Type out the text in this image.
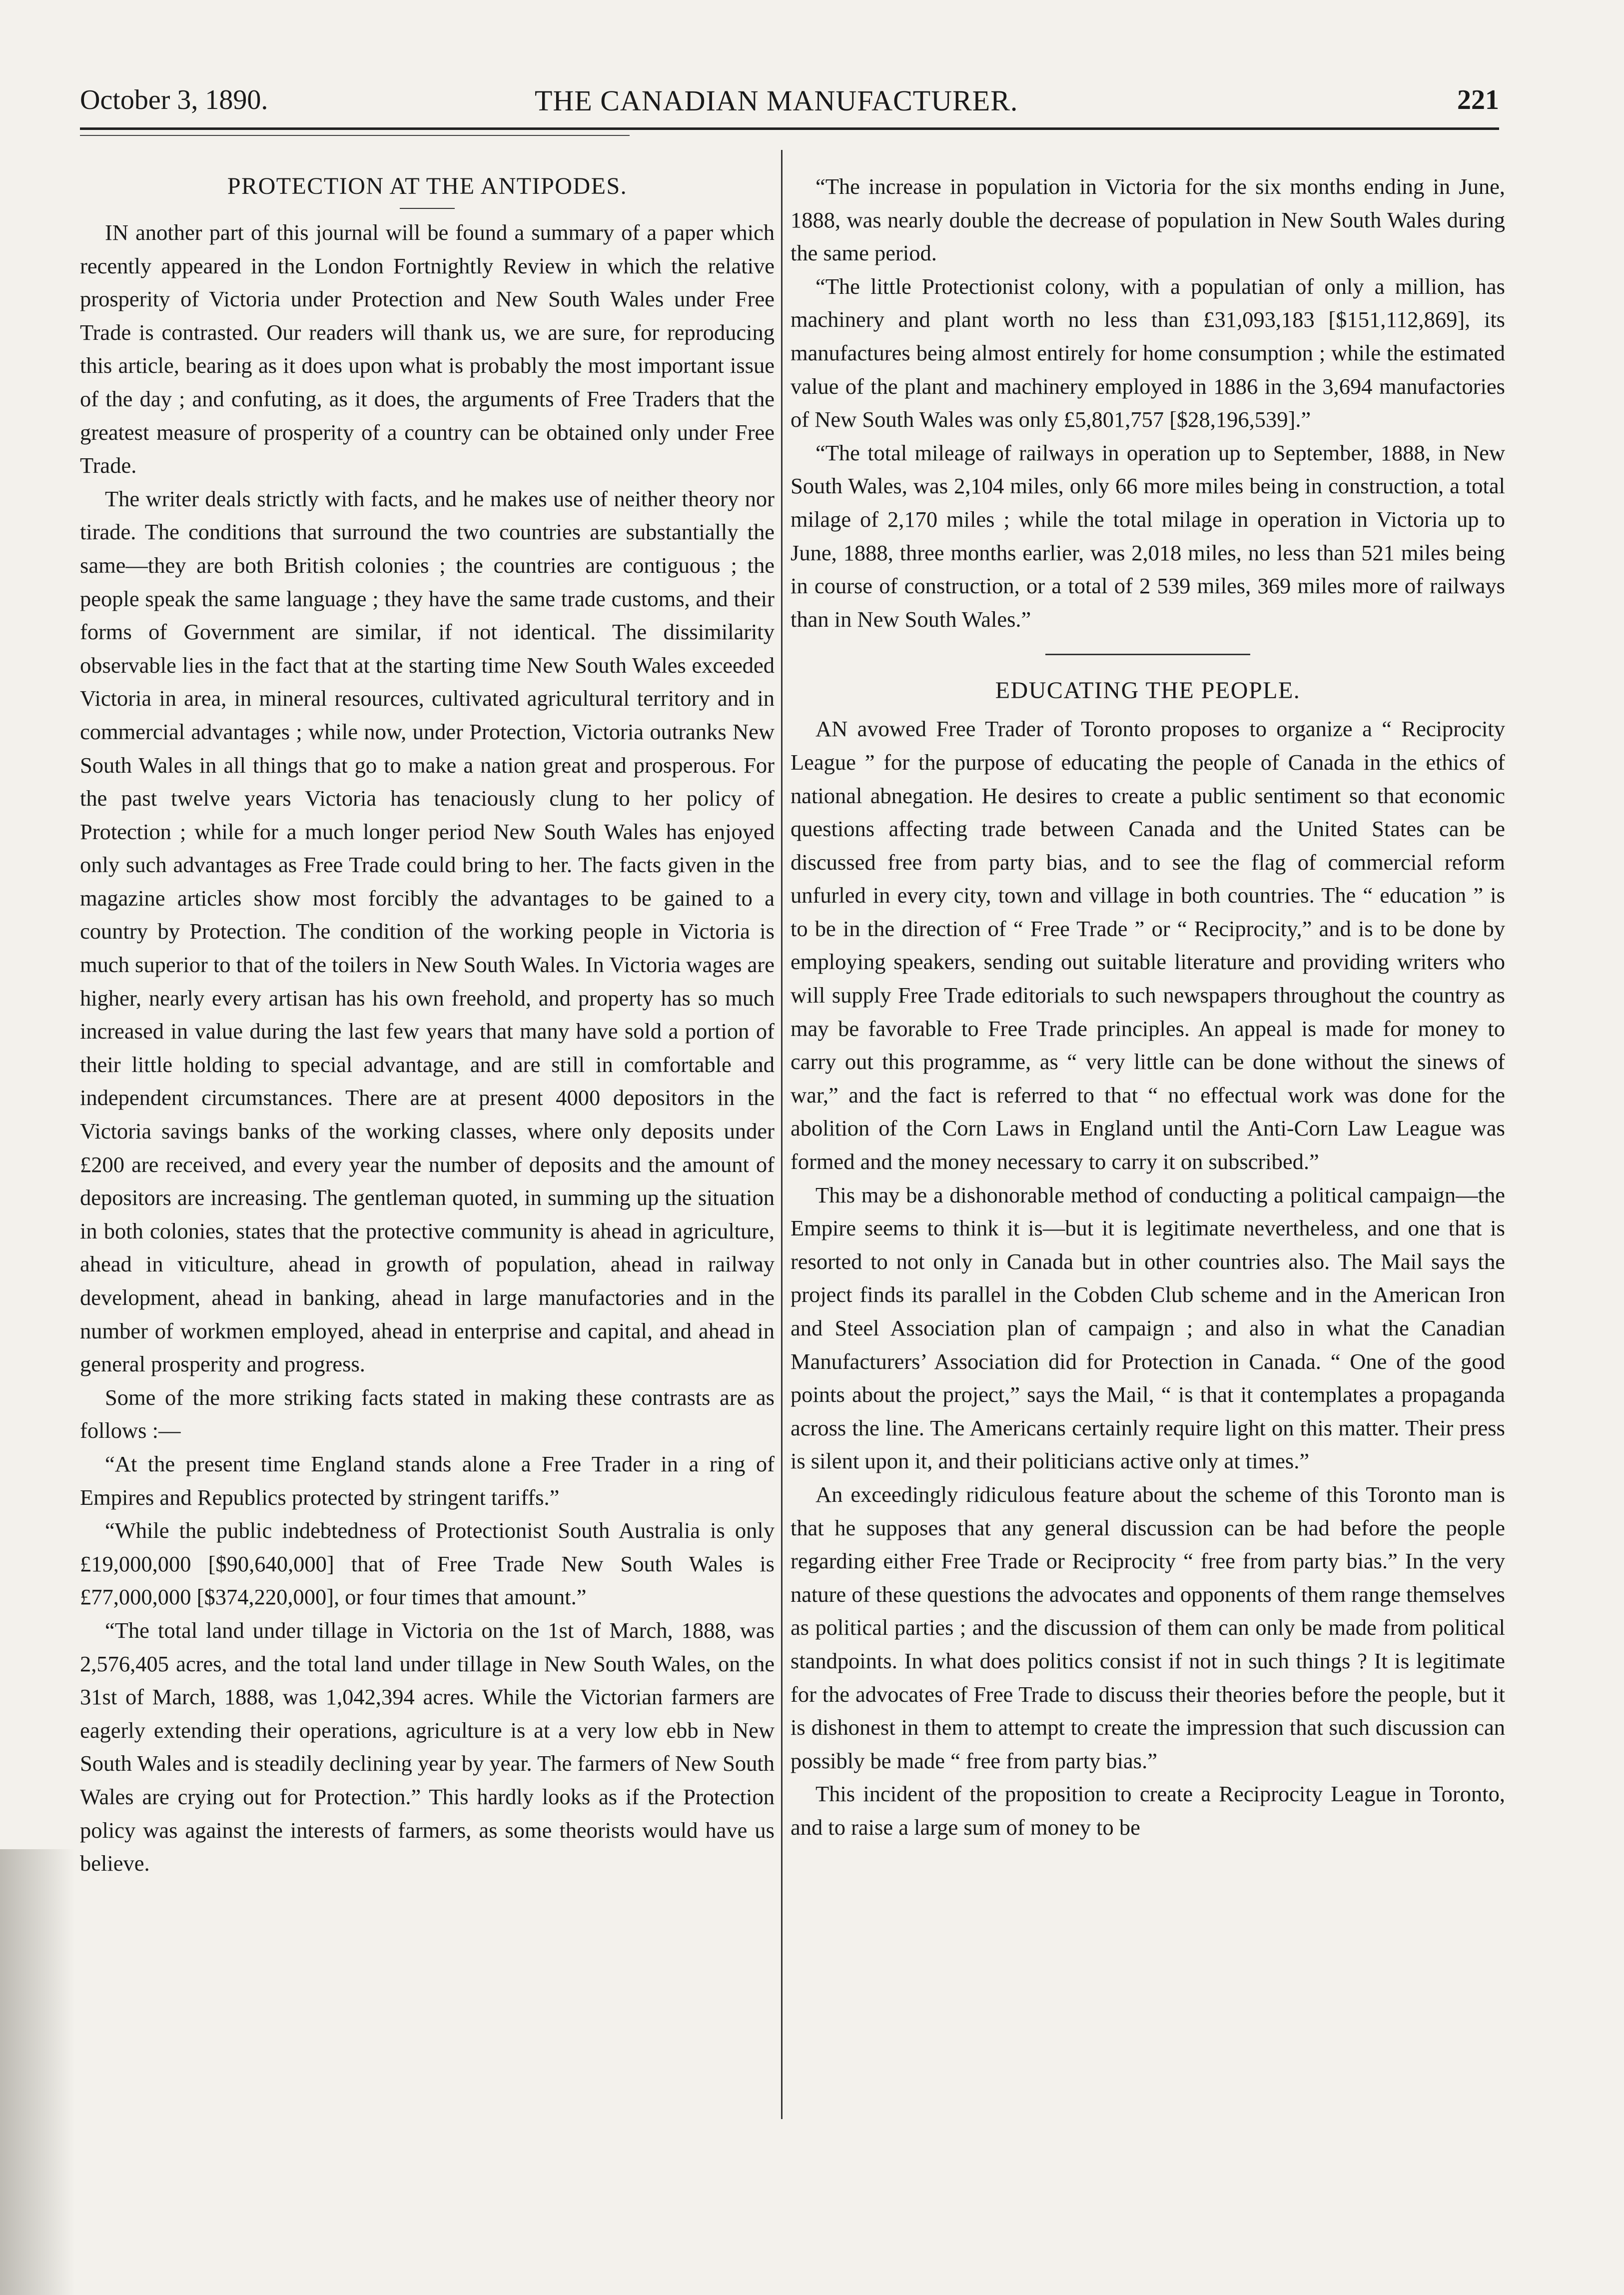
October 3, 1890.	THE CANADIAN MANUFACTURER.	221
PROTECTION AT THE ANTIPODES.

IN another part of this journal will be found a summary of a paper which recently appeared in the London Fortnightly Review in which the relative prosperity of Victoria under Protection and New South Wales under Free Trade is contrasted. Our readers will thank us, we are sure, for reproducing this article, bearing as it does upon what is probably the most important issue of the day ; and confuting, as it does, the arguments of Free Traders that the greatest measure of prosperity of a country can be obtained only under Free Trade.

The writer deals strictly with facts, and he makes use of neither theory nor tirade. The conditions that surround the two countries are substantially the same—they are both British colonies ; the countries are contiguous ; the people speak the same language ; they have the same trade customs, and their forms of Government are similar, if not identical. The dissimilarity observable lies in the fact that at the starting time New South Wales exceeded Victoria in area, in mineral resources, cultivated agricultural territory and in commercial advantages ; while now, under Protection, Victoria outranks New South Wales in all things that go to make a nation great and prosperous. For the past twelve years Victoria has tenaciously clung to her policy of Protection ; while for a much longer period New South Wales has enjoyed only such advantages as Free Trade could bring to her. The facts given in the magazine articles show most forcibly the advantages to be gained to a country by Protection. The condition of the working people in Victoria is much superior to that of the toilers in New South Wales. In Victoria wages are higher, nearly every artisan has his own freehold, and property has so much increased in value during the last few years that many have sold a portion of their little holding to special advantage, and are still in comfortable and independent circumstances. There are at present 4000 depositors in the Victoria savings banks of the working classes, where only deposits under £200 are received, and every year the number of deposits and the amount of depositors are increasing. The gentleman quoted, in summing up the situation in both colonies, states that the protective community is ahead in agriculture, ahead in viticulture, ahead in growth of population, ahead in railway development, ahead in banking, ahead in large manufactories and in the number of workmen employed, ahead in enterprise and capital, and ahead in general prosperity and progress.

Some of the more striking facts stated in making these contrasts are as follows :—

“At the present time England stands alone a Free Trader in a ring of Empires and Republics protected by stringent tariffs.”

“While the public indebtedness of Protectionist South Australia is only £19,000,000 [$90,640,000] that of Free Trade New South Wales is £77,000,000 [$374,220,000], or four times that amount.”

“The total land under tillage in Victoria on the 1st of March, 1888, was 2,576,405 acres, and the total land under tillage in New South Wales, on the 31st of March, 1888, was 1,042,394 acres. While the Victorian farmers are eagerly extending their operations, agriculture is at a very low ebb in New South Wales and is steadily declining year by year. The farmers of New South Wales are crying out for Protection.” This hardly looks as if the Protection policy was against the interests of farmers, as some theorists would have us believe.

“The increase in population in Victoria for the six months ending in June, 1888, was nearly double the decrease of population in New South Wales during the same period.

“The little Protectionist colony, with a populatian of only a million, has machinery and plant worth no less than £31,093,183 [$151,112,869], its manufactures being almost entirely for home consumption ; while the estimated value of the plant and machinery employed in 1886 in the 3,694 manufactories of New South Wales was only £5,801,757 [$28,196,539].”

“The total mileage of railways in operation up to September, 1888, in New South Wales, was 2,104 miles, only 66 more miles being in construction, a total milage of 2,170 miles ; while the total milage in operation in Victoria up to June, 1888, three months earlier, was 2,018 miles, no less than 521 miles being in course of construction, or a total of 2 539 miles, 369 miles more of railways than in New South Wales.”

EDUCATING THE PEOPLE.

AN avowed Free Trader of Toronto proposes to organize a “ Reciprocity League ” for the purpose of educating the people of Canada in the ethics of national abnegation. He desires to create a public sentiment so that economic questions affecting trade between Canada and the United States can be discussed free from party bias, and to see the flag of commercial reform unfurled in every city, town and village in both countries. The “ education ” is to be in the direction of “ Free Trade ” or “ Reciprocity,” and is to be done by employing speakers, sending out suitable literature and providing writers who will supply Free Trade editorials to such newspapers throughout the country as may be favorable to Free Trade principles. An appeal is made for money to carry out this programme, as “ very little can be done without the sinews of war,” and the fact is referred to that “ no effectual work was done for the abolition of the Corn Laws in England until the Anti-Corn Law League was formed and the money necessary to carry it on subscribed.”

This may be a dishonorable method of conducting a political campaign—the Empire seems to think it is—but it is legitimate nevertheless, and one that is resorted to not only in Canada but in other countries also. The Mail says the project finds its parallel in the Cobden Club scheme and in the American Iron and Steel Association plan of campaign ; and also in what the Canadian Manufacturers’ Association did for Protection in Canada. “ One of the good points about the project,” says the Mail, “ is that it contemplates a propaganda across the line. The Americans certainly require light on this matter. Their press is silent upon it, and their politicians active only at times.”

An exceedingly ridiculous feature about the scheme of this Toronto man is that he supposes that any general discussion can be had before the people regarding either Free Trade or Reciprocity “ free from party bias.” In the very nature of these questions the advocates and opponents of them range themselves as political parties ; and the discussion of them can only be made from political standpoints. In what does politics consist if not in such things ? It is legitimate for the advocates of Free Trade to discuss their theories before the people, but it is dishonest in them to attempt to create the impression that such discussion can possibly be made “ free from party bias.”

This incident of the proposition to create a Reciprocity League in Toronto, and to raise a large sum of money to be
